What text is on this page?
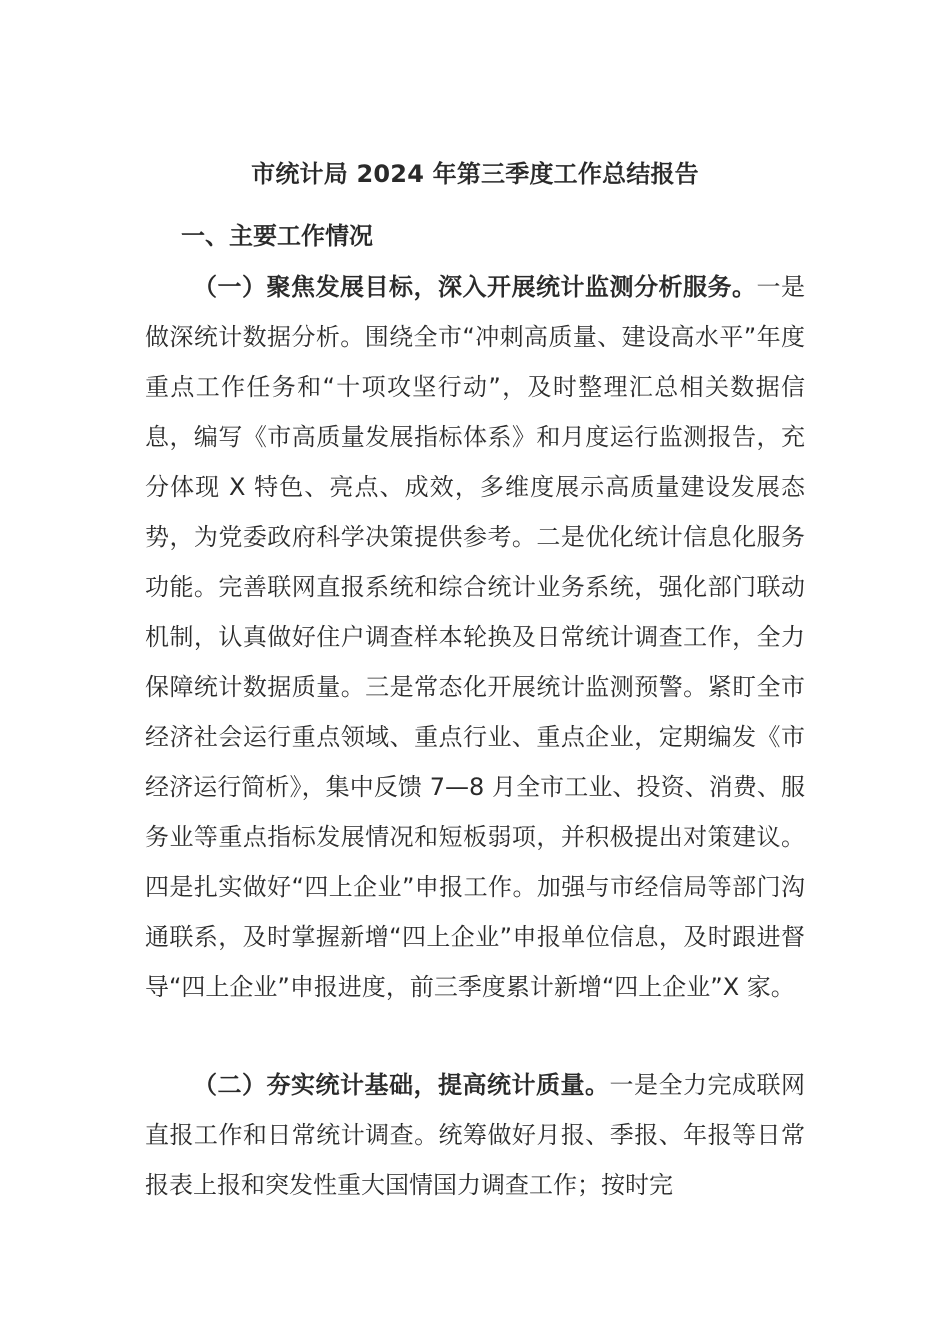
市统计局 2024 年第三季度工作总结报告
一、主要工作情况

（一）聚焦发展目标，深入开展统计监测分析服务。一是做深统计数据分析。围绕全市“冲刺高质量、建设高水平”年度重点工作任务和“十项攻坚行动”，及时整理汇总相关数据信息，编写《市高质量发展指标体系》和月度运行监测报告，充分体现 X 特色、亮点、成效，多维度展示高质量建设发展态势，为党委政府科学决策提供参考。二是优化统计信息化服务功能。完善联网直报系统和综合统计业务系统，强化部门联动机制，认真做好住户调查样本轮换及日常统计调查工作，全力保障统计数据质量。三是常态化开展统计监测预警。紧盯全市经济社会运行重点领域、重点行业、重点企业，定期编发《市经济运行简析》，集中反馈 7—8 月全市工业、投资、消费、服务业等重点指标发展情况和短板弱项，并积极提出对策建议。四是扎实做好“四上企业”申报工作。加强与市经信局等部门沟通联系，及时掌握新增“四上企业”申报单位信息，及时跟进督导“四上企业”申报进度，前三季度累计新增“四上企业”X 家。

（二）夯实统计基础，提高统计质量。一是全力完成联网直报工作和日常统计调查。统筹做好月报、季报、年报等日常报表上报和突发性重大国情国力调查工作；按时完
